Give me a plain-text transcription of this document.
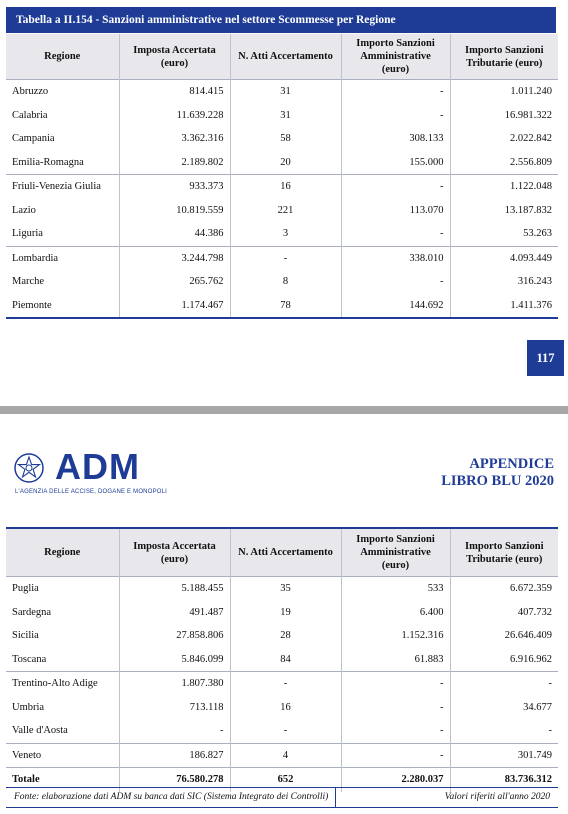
Tabella a II.154 - Sanzioni amministrative nel settore Scommesse per Regione
Regione	Imposta Accertata (euro)	N. Atti Accertamento	Importo Sanzioni Amministrative (euro)	Importo Sanzioni Tributarie (euro)
Abruzzo	814.415	31	-	1.011.240
Calabria	11.639.228	31	-	16.981.322
Campania	3.362.316	58	308.133	2.022.842
Emilia-Romagna	2.189.802	20	155.000	2.556.809
Friuli-Venezia Giulia	933.373	16	-	1.122.048
Lazio	10.819.559	221	113.070	13.187.832
Liguria	44.386	3	-	53.263
Lombardia	3.244.798	-	338.010	4.093.449
Marche	265.762	8	-	316.243
Piemonte	1.174.467	78	144.692	1.411.376
117
ADM
L'AGENZIA DELLE ACCISE, DOGANE E MONOPOLI
APPENDICE
LIBRO BLU 2020
Regione	Imposta Accertata (euro)	N. Atti Accertamento	Importo Sanzioni Amministrative (euro)	Importo Sanzioni Tributarie (euro)
Puglia	5.188.455	35	533	6.672.359
Sardegna	491.487	19	6.400	407.732
Sicilia	27.858.806	28	1.152.316	26.646.409
Toscana	5.846.099	84	61.883	6.916.962
Trentino-Alto Adige	1.807.380	-	-	-
Umbria	713.118	16	-	34.677
Valle d'Aosta	-	-	-	-
Veneto	186.827	4	-	301.749
Totale	76.580.278	652	2.280.037	83.736.312
Fonte: elaborazione dati ADM su banca dati SIC (Sistema Integrato dei Controlli)	Valori riferiti all'anno 2020
